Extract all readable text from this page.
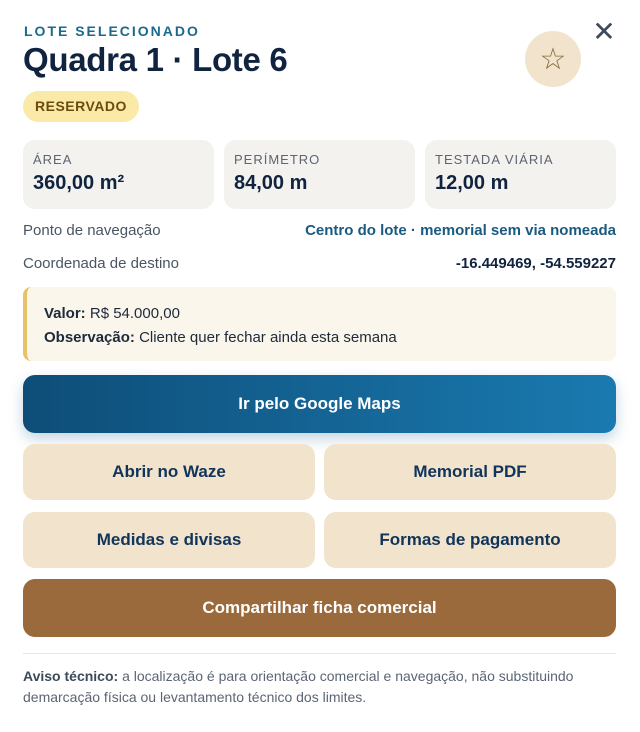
LOTE SELECIONADO
Quadra 1 · Lote 6
✕
☆
RESERVADO
ÁREA
360,00 m²
PERÍMETRO
84,00 m
TESTADA VIÁRIA
12,00 m
Ponto de navegação	Centro do lote · memorial sem via nomeada
Coordenada de destino	-16.449469, -54.559227
Valor: R$ 54.000,00
Observação: Cliente quer fechar ainda esta semana
Ir pelo Google Maps
Abrir no Waze	Memorial PDF
Medidas e divisas	Formas de pagamento
Compartilhar ficha comercial
Aviso técnico: a localização é para orientação comercial e navegação, não substituindo demarcação física ou levantamento técnico dos limites.
